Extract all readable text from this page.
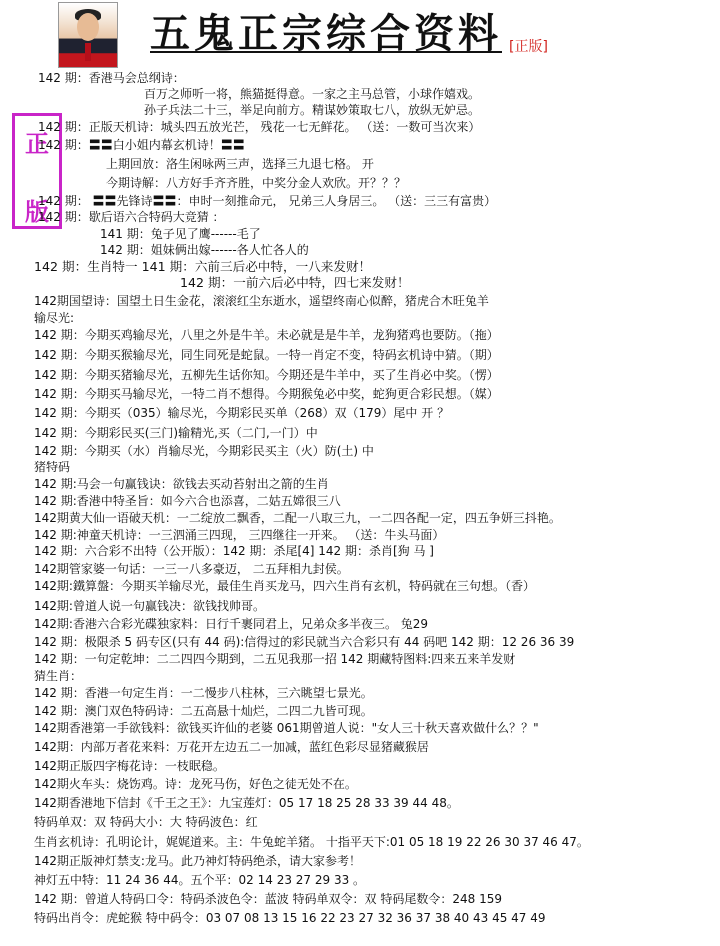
五鬼正宗综合资料 [正版]
正
版
142 期：香港马会总纲诗：
百万之师听一将，熊猫挺得意。一家之主马总管，小球作嬉戏。
孙子兵法二十三，举足向前方。精谋妙策取七八，放纵无妒忌。
142 期：正版天机诗：城头四五放光芒， 残花一七无鲜花。 （送：一数可当次来）
142 期：〓〓白小姐内幕玄机诗！〓〓
上期回放：洛生闲咏两三声，选择三九退七格。 开
今期诗解：八方好手齐齐胜，中奖分金人欢欣。开？？？
142 期： 〓〓先锋诗〓〓：申时一刻推命元， 兄弟三人身居三。 （送：三三有富贵）
142 期：歇后语六合特码大竞猜 ：
141 期：兔子见了鹰------毛了
142 期：姐妹俩出嫁------各人忙各人的
142 期：生肖特一 141 期：六前三后必中特，一八来发财！
142 期：一前六后必中特，四七来发财！
142期国望诗：国望土日生金花，滚滚红尘东逝水，遥望终南心似醉，猪虎合木旺兔羊
输尽光:
142 期：今期买鸡输尽光，八里之外是牛羊。未必就是是牛羊，龙狗猪鸡也要防。（拖）
142 期：今期买猴输尽光，同生同死是蛇鼠。一特一肖定不变，特码玄机诗中猜。（期）
142 期：今期买猪输尽光，五柳先生话你知。今期还是牛羊中，买了生肖必中奖。（愣）
142 期：今期买马输尽光，一特二肖不想得。今期猴兔必中奖，蛇狗更合彩民想。（媒）
142 期：今期买（035）输尽光，今期彩民买单（268）双（179）尾中 开 ？
142 期：今期彩民买(三门)输精光,买（二门,一门）中
142 期：今期买（水）肖输尽光，今期彩民买主（火）防(土) 中
猪特码
142 期:马会一句赢钱诀：欲钱去买动苔射出之箭的生肖
142 期:香港中特圣旨：如今六合也添喜，二姑五嫦很三八
142期黄大仙一语破天机：一二绽放二飘香，二配一八取三九，一二四各配一定，四五争妍三抖艳。
142 期:神童天机诗：一三泗涌三四现， 三四继往一开来。 （送：牛头马面）
142 期：六合彩不出特（公开版）：142 期：杀尾[4] 142 期：杀肖[狗 马 ]
142期管家婆一句话：一三一八多豪迈， 二五拜相九封侯。
142期:鐵算盤：今期买羊输尽光，最佳生肖买龙马，四六生肖有玄机，特码就在三句想。（香）
142期:曾道人说一句赢钱决：欲钱找帅哥。
142期:香港六合彩光碟独家料：日行千裹同君上，兄弟众多半夜三。 兔29
142 期：极限杀 5 码专区(只有 44 码):信得过的彩民就当六合彩只有 44 码吧 142 期：12 26 36 39
142 期：一句定乾坤：二二四四今期到，二五见我那一招 142 期藏特图料:四来五来羊发财
猜生肖：
142 期：香港一句定生肖：一二慢步八柱林，三六眺望七景光。
142 期：澳门双色特码诗：二五高悬十灿烂，二四二九皆可现。
142期香港第一手欲钱料：欲钱买许仙的老婆 061期曾道人说："女人三十秋天喜欢做什么？？"
142期：内部万者花来料：万花开左边五二一加减，蓝红色彩尽显猪藏猴居
142期正版四字梅花诗：一枝眠稳。
142期火车头：烧饬鸡。诗：龙死马伤，好色之徒无处不在。
142期香港地下信封《千王之王》：九宝莲灯：05 17 18 25 28 33 39 44 48。
特码单双：双 特码大小：大 特码波色：红
生肖玄机诗：孔明论计，娓娓道来。主：牛兔蛇羊猪。 十指平天下:01 05 18 19 22 26 30 37 46 47。
142期正版神灯禁支:龙马。此乃神灯特码绝杀，请大家参考！
神灯五中特：11 24 36 44。五个平：02 14 23 27 29 33 。
142 期：曾道人特码口令：特码杀波色令：蓝波 特码单双令：双 特码尾数令：248 159
特码出肖令：虎蛇猴 特中码令：03 07 08 13 15 16 22 23 27 32 36 37 38 40 43 45 47 49
